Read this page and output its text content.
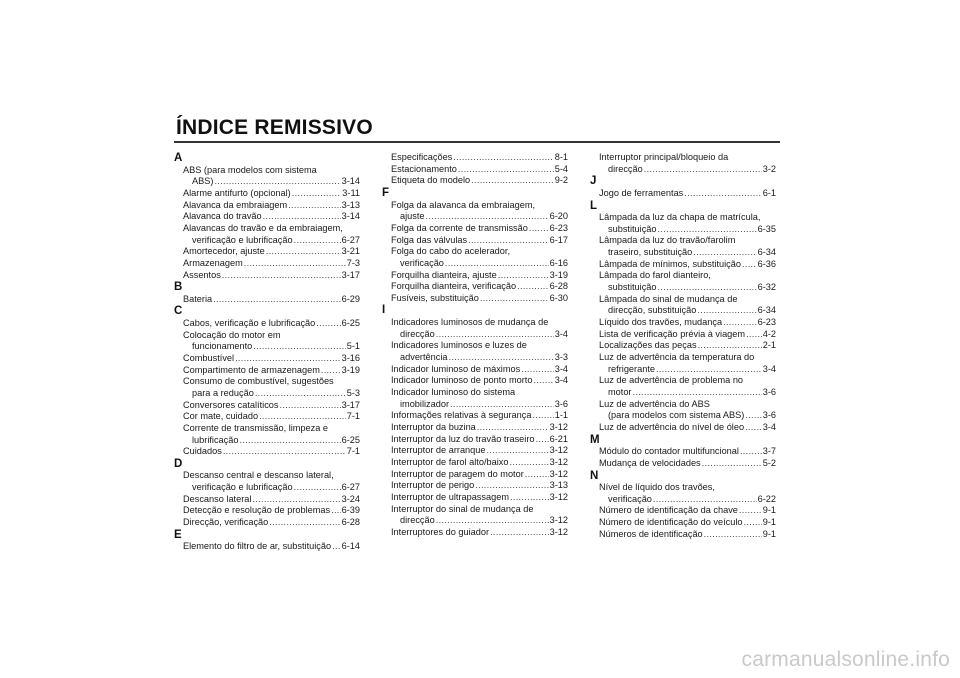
ÍNDICE REMISSIVO
A
ABS (para modelos com sistema
ABS) .....	3-14
Alarme antifurto (opcional) .....	3-11
Alavanca da embraiagem .....	3-13
Alavanca do travão .....	3-14
Alavancas do travão e da embraiagem,
verificação e lubrificação .....	6-27
Amortecedor, ajuste .....	3-21
Armazenagem .....	7-3
Assentos .....	3-17
B
Bateria .....	6-29
C
Cabos, verificação e lubrificação .....	6-25
Colocação do motor em
funcionamento .....	5-1
Combustível .....	3-16
Compartimento de armazenagem ..... 3-19
Consumo de combustível, sugestões
para a redução .....	5-3
Conversores catalíticos .....	3-17
Cor mate, cuidado .....	7-1
Corrente de transmissão, limpeza e
lubrificação .....	6-25
Cuidados .....	7-1
D
Descanso central e descanso lateral,
verificação e lubrificação .....	6-27
Descanso lateral .....	3-24
Detecção e resolução de problemas ..... 6-39
Direcção, verificação .....	6-28
E
Elemento do filtro de ar, substituição ..... 6-14
Especificações .....	8-1
Estacionamento .....	5-4
Etiqueta do modelo .....	9-2
F
Folga da alavanca da embraiagem,
ajuste .....	6-20
Folga da corrente de transmissão ..... 6-23
Folga das válvulas .....	6-17
Folga do cabo do acelerador,
verificação .....	6-16
Forquilha dianteira, ajuste .....	3-19
Forquilha dianteira, verificação .....	6-28
Fusíveis, substituição .....	6-30
I
Indicadores luminosos de mudança de
direcção .....	3-4
Indicadores luminosos e luzes de
advertência .....	3-3
Indicador luminoso de máximos .....	3-4
Indicador luminoso de ponto morto ..... 3-4
Indicador luminoso do sistema
imobilizador .....	3-6
Informações relativas à segurança .....	1-1
Interruptor da buzina .....	3-12
Interruptor da luz do travão traseiro ..... 6-21
Interruptor de arranque .....	3-12
Interruptor de farol alto/baixo .....	3-12
Interruptor de paragem do motor .....	3-12
Interruptor de perigo .....	3-13
Interruptor de ultrapassagem .....	3-12
Interruptor do sinal de mudança de
direcção .....	3-12
Interruptores do guiador .....	3-12
Interruptor principal/bloqueio da
direcção .....	3-2
J
Jogo de ferramentas .....	6-1
L
Lâmpada da luz da chapa de matrícula,
substituição .....	6-35
Lâmpada da luz do travão/farolim
traseiro, substituição .....	6-34
Lâmpada de mínimos, substituição ..... 6-36
Lâmpada do farol dianteiro,
substituição .....	6-32
Lâmpada do sinal de mudança de
direcção, substituição .....	6-34
Líquido dos travões, mudança .....	6-23
Lista de verificação prévia à viagem ..... 4-2
Localizações das peças .....	2-1
Luz de advertência da temperatura do
refrigerante .....	3-4
Luz de advertência de problema no
motor .....	3-6
Luz de advertência do ABS
(para modelos com sistema ABS) ..... 3-6
Luz de advertência do nível de óleo ..... 3-4
M
Módulo do contador multifuncional .....	3-7
Mudança de velocidades .....	5-2
N
Nível de líquido dos travões,
verificação .....	6-22
Número de identificação da chave .....	9-1
Número de identificação do veículo ..... 9-1
Números de identificação .....	9-1
carmanualsonline.info
